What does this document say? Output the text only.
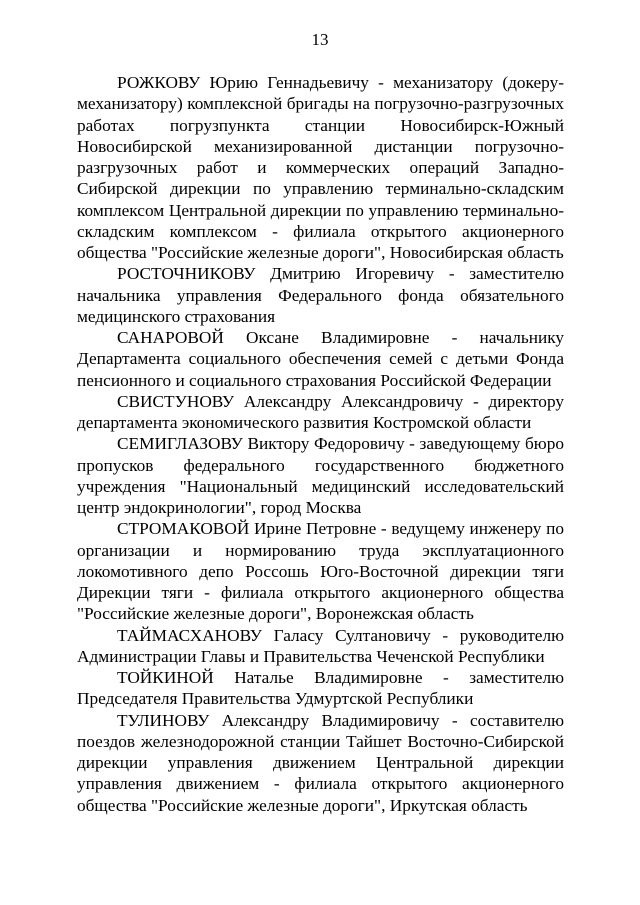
13

РОЖКОВУ Юрию Геннадьевичу - механизатору (докеру-механизатору) комплексной бригады на погрузочно-разгрузочных работах погрузпункта станции Новосибирск-Южный Новосибирской механизированной дистанции погрузочно-разгрузочных работ и коммерческих операций Западно-Сибирской дирекции по управлению терминально-складским комплексом Центральной дирекции по управлению терминально-складским комплексом - филиала открытого акционерного общества "Российские железные дороги", Новосибирская область

РОСТОЧНИКОВУ Дмитрию Игоревичу - заместителю начальника управления Федерального фонда обязательного медицинского страхования

САНАРОВОЙ Оксане Владимировне - начальнику Департамента социального обеспечения семей с детьми Фонда пенсионного и социального страхования Российской Федерации

СВИСТУНОВУ Александру Александровичу - директору департамента экономического развития Костромской области

СЕМИГЛАЗОВУ Виктору Федоровичу - заведующему бюро пропусков федерального государственного бюджетного учреждения "Национальный медицинский исследовательский центр эндокринологии", город Москва

СТРОМАКОВОЙ Ирине Петровне - ведущему инженеру по организации и нормированию труда эксплуатационного локомотивного депо Россошь Юго-Восточной дирекции тяги Дирекции тяги - филиала открытого акционерного общества "Российские железные дороги", Воронежская область

ТАЙМАСХАНОВУ Галасу Султановичу - руководителю Администрации Главы и Правительства Чеченской Республики

ТОЙКИНОЙ Наталье Владимировне - заместителю Председателя Правительства Удмуртской Республики

ТУЛИНОВУ Александру Владимировичу - составителю поездов железнодорожной станции Тайшет Восточно-Сибирской дирекции управления движением Центральной дирекции управления движением - филиала открытого акционерного общества "Российские железные дороги", Иркутская область
